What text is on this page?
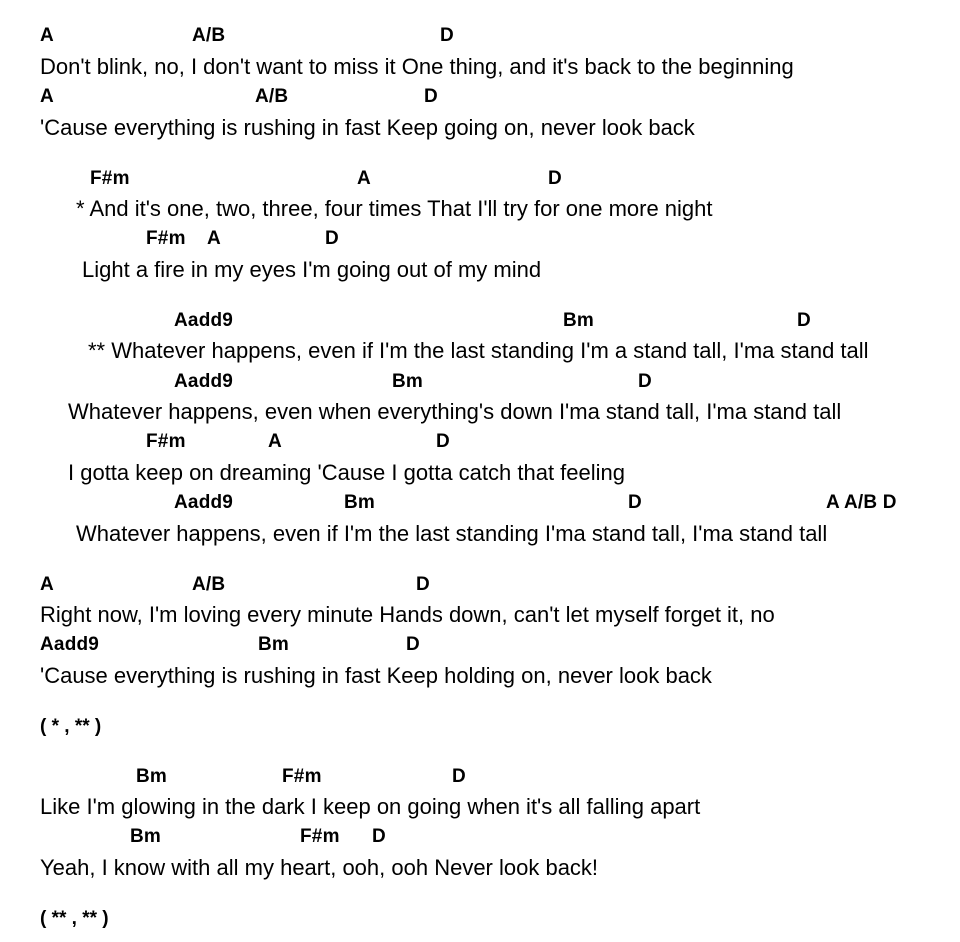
A	A/B	D
Don't blink, no, I don't want to miss it One thing, and it's back to the beginning
A	A/B	D
'Cause everything is rushing in fast Keep going on, never look back
F#m	A	D
* And it's one, two, three, four times That I'll try for one more night
F#m A	D
Light a fire in my eyes I'm going out of my mind
Aadd9	Bm	D
** Whatever happens, even if I'm the last standing I'm a stand tall, I'ma stand tall
Aadd9	Bm	D
Whatever happens, even when everything's down I'ma stand tall, I'ma stand tall
F#m	A	D
I gotta keep on dreaming 'Cause I gotta catch that feeling
Aadd9	Bm	D	A A/B D
Whatever happens, even if I'm the last standing I'ma stand tall, I'ma stand tall
A	A/B	D
Right now, I'm loving every minute Hands down, can't let myself forget it, no
Aadd9	Bm	D
'Cause everything is rushing in fast Keep holding on, never look back
( * , ** )
Bm	F#m	D
Like I'm glowing in the dark I keep on going when it's all falling apart
Bm	F#m D
Yeah, I know with all my heart, ooh, ooh Never look back!
( ** , ** )
